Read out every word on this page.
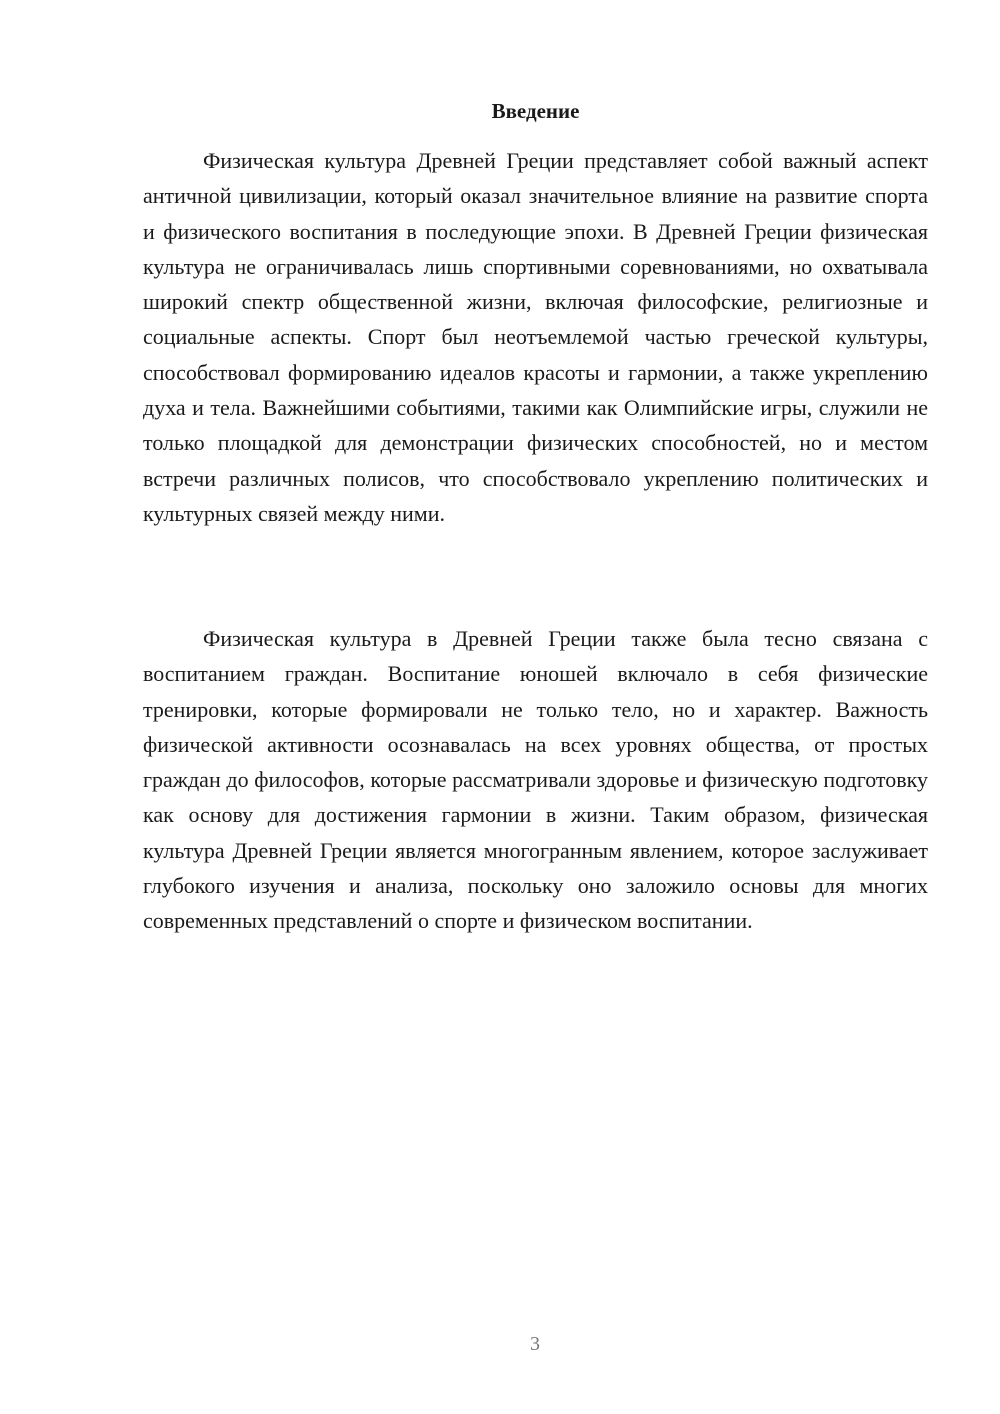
Введение

Физическая культура Древней Греции представляет собой важный аспект античной цивилизации, который оказал значительное влияние на развитие спорта и физического воспитания в последующие эпохи. В Древней Греции физическая культура не ограничивалась лишь спортивными соревнованиями, но охватывала широкий спектр общественной жизни, включая философские, религиозные и социальные аспекты. Спорт был неотъемлемой частью греческой культуры, способствовал формированию идеалов красоты и гармонии, а также укреплению духа и тела. Важнейшими событиями, такими как Олимпийские игры, служили не только площадкой для демонстрации физических способностей, но и местом встречи различных полисов, что способствовало укреплению политических и культурных связей между ними.

Физическая культура в Древней Греции также была тесно связана с воспитанием граждан. Воспитание юношей включало в себя физические тренировки, которые формировали не только тело, но и характер. Важность физической активности осознавалась на всех уровнях общества, от простых граждан до философов, которые рассматривали здоровье и физическую подготовку как основу для достижения гармонии в жизни. Таким образом, физическая культура Древней Греции является многогранным явлением, которое заслуживает глубокого изучения и анализа, поскольку оно заложило основы для многих современных представлений о спорте и физическом воспитании.

3
